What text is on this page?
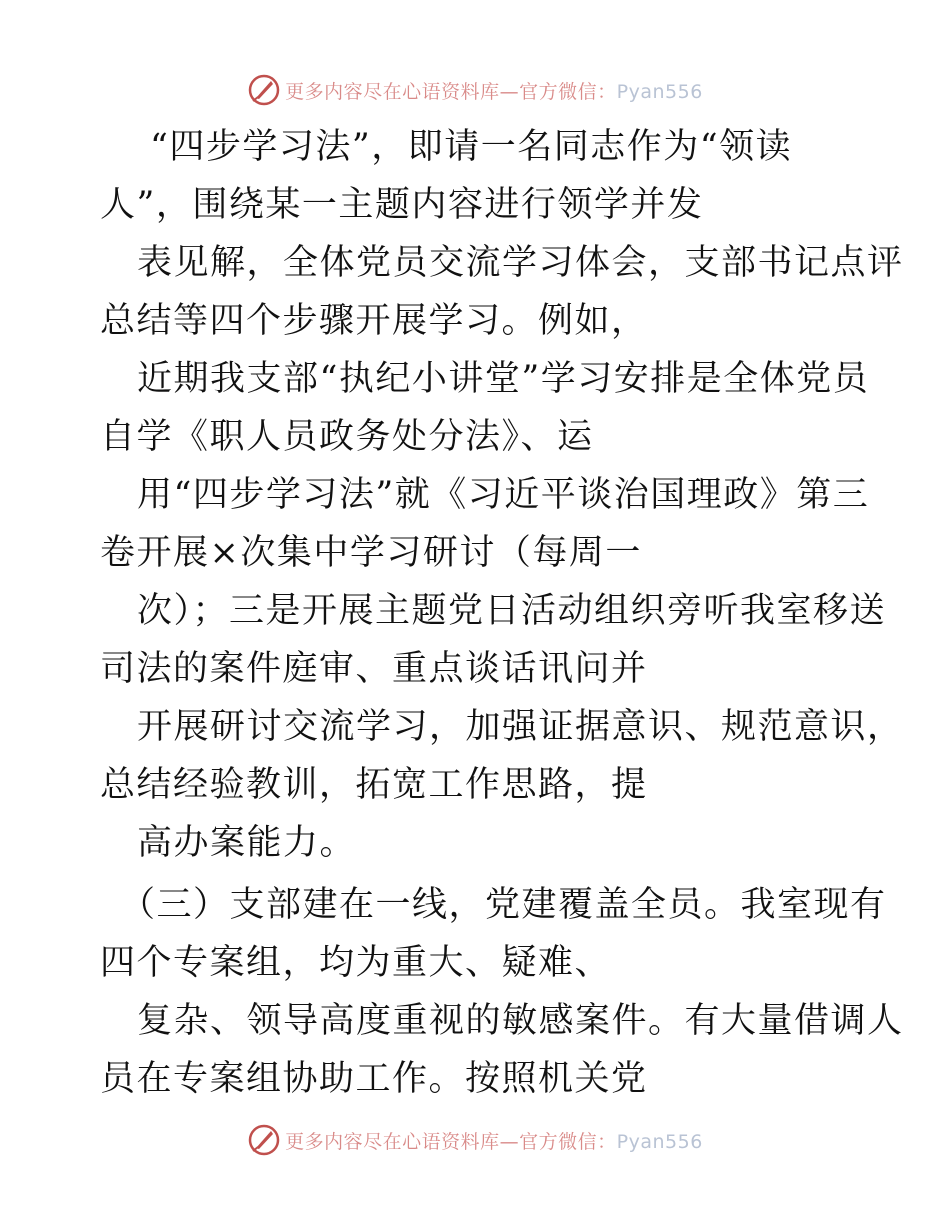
更多内容尽在心语资料库—官方微信：Pyan556
“四步学习法”，即请一名同志作为“领读
人”，围绕某一主题内容进行领学并发
表见解，全体党员交流学习体会，支部书记点评
总结等四个步骤开展学习。例如，
近期我支部“执纪小讲堂”学习安排是全体党员
自学《职人员政务处分法》、运
用“四步学习法”就《习近平谈治国理政》第三
卷开展×次集中学习研讨（每周一
次）；三是开展主题党日活动组织旁听我室移送
司法的案件庭审、重点谈话讯问并
开展研讨交流学习，加强证据意识、规范意识，
总结经验教训，拓宽工作思路，提
高办案能力。
（三）支部建在一线，党建覆盖全员。我室现有
四个专案组，均为重大、疑难、
复杂、领导高度重视的敏感案件。有大量借调人
员在专案组协助工作。按照机关党
更多内容尽在心语资料库—官方微信：Pyan556
